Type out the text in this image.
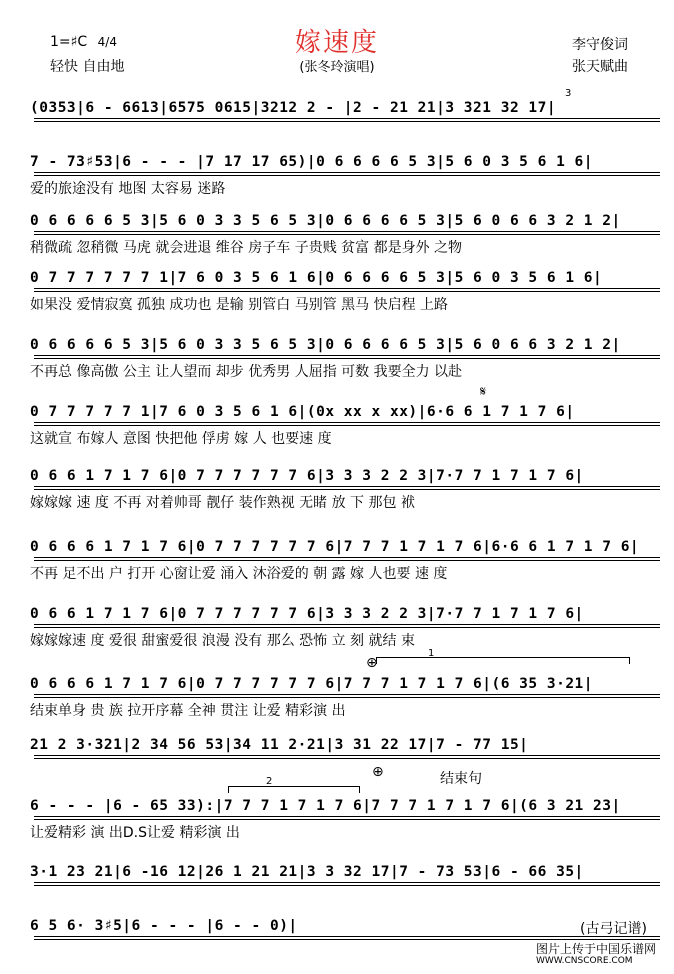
1=♯C 4/4
轻快 自由地
嫁速度
(张冬玲演唱)
李守俊词
张天赋曲
(0353|6 - 6613|6575 0615|3212 2 - |2 - 21 21|3 321 32 17|
7 - 73♯53|6 - - - |7 17 17 65)|0 6 6 6 6 5 3|5 6 0 3 5 6 1 6|
爱的旅途没有 地图 太容易 迷路
0 6 6 6 6 5 3|5 6 0 3 3 5 6 5 3|0 6 6 6 6 5 3|5 6 0 6 6 3 2 1 2|
稍微疏 忽稍微 马虎 就会进退 维谷 房子车 子贵贱 贫富 都是身外 之物
0 7 7 7 7 7 7 1|7 6 0 3 5 6 1 6|0 6 6 6 6 5 3|5 6 0 3 5 6 1 6|
如果没 爱情寂寞 孤独 成功也 是输 别管白 马别管 黑马 快启程 上路
0 6 6 6 6 5 3|5 6 0 3 3 5 6 5 3|0 6 6 6 6 5 3|5 6 0 6 6 3 2 1 2|
不再总 像高傲 公主 让人望而 却步 优秀男 人屈指 可数 我要全力 以赴
0 7 7 7 7 7 1|7 6 0 3 5 6 1 6|(0x xx x xx)|6·6 6 1 7 1 7 6|
这就宣 布嫁人 意图 快把他 俘虏 嫁 人 也要速 度
0 6 6 1 7 1 7 6|0 7 7 7 7 7 7 6|3 3 3 2 2 3|7·7 7 1 7 1 7 6|
嫁嫁嫁 速 度 不再 对着帅哥 靓仔 装作熟视 无睹 放 下 那包 袱
0 6 6 6 1 7 1 7 6|0 7 7 7 7 7 7 6|7 7 7 1 7 1 7 6|6·6 6 1 7 1 7 6|
不再 足不出 户 打开 心窗让爱 涌入 沐浴爱的 朝 露 嫁 人也要 速 度
0 6 6 1 7 1 7 6|0 7 7 7 7 7 7 6|3 3 3 2 2 3|7·7 7 1 7 1 7 6|
嫁嫁嫁速 度 爱很 甜蜜爱很 浪漫 没有 那么 恐怖 立 刻 就结 束
0 6 6 6 1 7 1 7 6|0 7 7 7 7 7 7 6|7 7 7 1 7 1 7 6|(6 35 3·21|
结束单身 贵 族 拉开序幕 全神 贯注 让爱 精彩演 出
21 2 3·321|2 34 56 53|34 11 2·21|3 31 22 17|7 - 77 15|
6 - - - |6 - 65 33):|7 7 7 1 7 1 7 6|7 7 7 1 7 1 7 6|(6 3 21 23|
让爱精彩 演 出D.S让爱 精彩演 出
3·1 23 21|6 -16 12|26 1 21 21|3 3 32 17|7 - 73 53|6 - 66 35|
6 5 6· 3♯5|6 - - - |6 - - 0)|
𝄋
⊕
⊕	结束句
1
2
3
(古弓记谱)
图片上传于中国乐谱网
WWW.CNSCORE.COM
